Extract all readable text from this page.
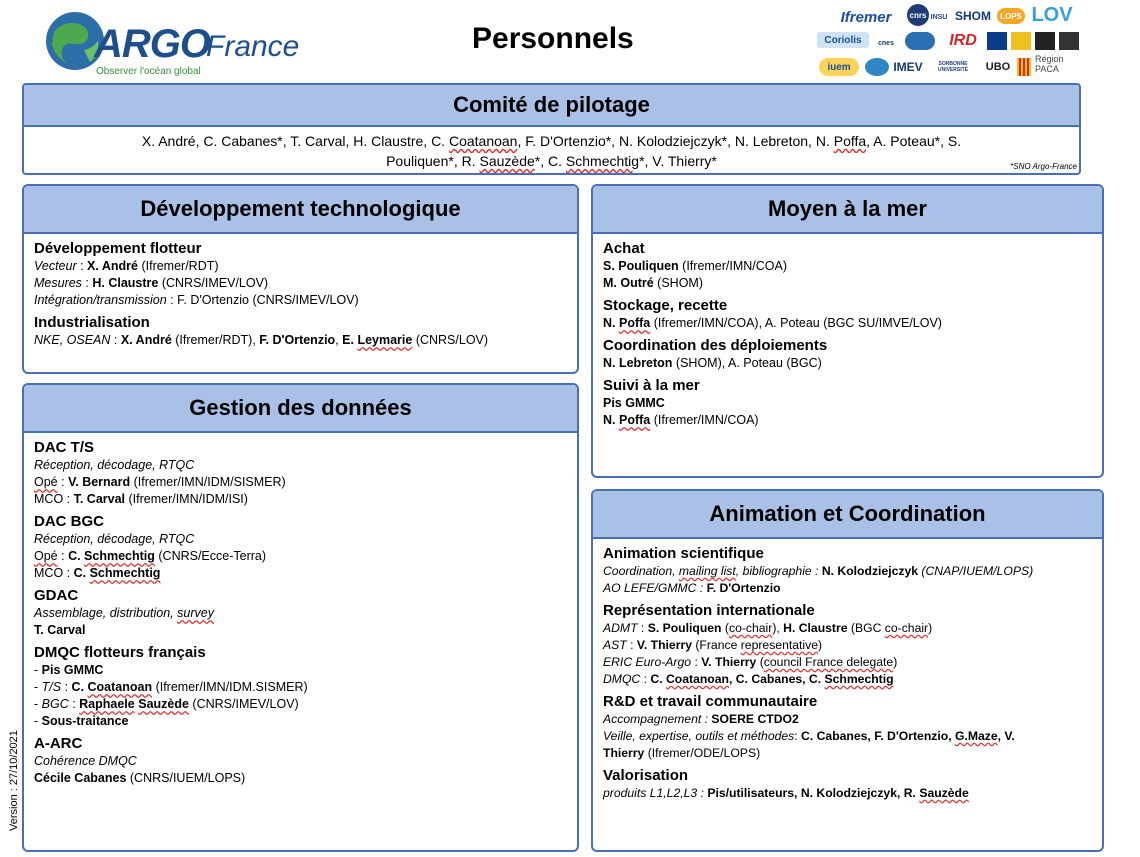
ARGO
France
Observer l'océan global
Personnels
Ifremer	cnrs INSU SHOM	LOPS LOV
Coriolis	cnes	IRD
iuem	IMEV	SORBONNE UNIVERSITÉ	UBO
Région
PACA
Comité de pilotage
X. André, C. Cabanes*, T. Carval, H. Claustre, C. Coatanoan, F. D'Ortenzio*, N. Kolodziejczyk*, N. Lebreton, N. Poffa, A. Poteau*, S.
Pouliquen*, R. Sauzède*, C. Schmechtig*, V. Thierry*	*SNO Argo-France
Développement technologique
Développement flotteur
Vecteur : X. André (Ifremer/RDT)
Mesures : H. Claustre (CNRS/IMEV/LOV)
Intégration/transmission : F. D'Ortenzio (CNRS/IMEV/LOV)
Industrialisation
NKE, OSEAN : X. André (Ifremer/RDT), F. D'Ortenzio, E. Leymarie (CNRS/LOV)
Gestion des données
DAC T/S
Réception, décodage, RTQC
Opé : V. Bernard (Ifremer/IMN/IDM/SISMER)
MCO : T. Carval (Ifremer/IMN/IDM/ISI)
DAC BGC
Réception, décodage, RTQC
Opé : C. Schmechtig (CNRS/Ecce-Terra)
MCO : C. Schmechtig
GDAC
Assemblage, distribution, survey
T. Carval
DMQC flotteurs français
- Pis GMMC
- T/S : C. Coatanoan (Ifremer/IMN/IDM.SISMER)
- BGC : Raphaele Sauzède (CNRS/IMEV/LOV)
- Sous-traitance
A-ARC
Cohérence DMQC
Cécile Cabanes (CNRS/IUEM/LOPS)
Moyen à la mer
Achat
S. Pouliquen (Ifremer/IMN/COA)
M. Outré (SHOM)
Stockage, recette
N. Poffa (Ifremer/IMN/COA), A. Poteau (BGC SU/IMVE/LOV)
Coordination des déploiements
N. Lebreton (SHOM), A. Poteau (BGC)
Suivi à la mer
Pis GMMC
N. Poffa (Ifremer/IMN/COA)
Animation et Coordination
Animation scientifique
Coordination, mailing list, bibliographie : N. Kolodziejczyk (CNAP/IUEM/LOPS)
AO LEFE/GMMC : F. D'Ortenzio
Représentation internationale
ADMT : S. Pouliquen (co-chair), H. Claustre (BGC co-chair)
AST : V. Thierry (France representative)
ERIC Euro-Argo : V. Thierry (council France delegate)
DMQC : C. Coatanoan, C. Cabanes, C. Schmechtig
R&D et travail communautaire
Accompagnement : SOERE CTDO2
Veille, expertise, outils et méthodes: C. Cabanes, F. D'Ortenzio, G.Maze, V.
Thierry (Ifremer/ODE/LOPS)
Valorisation
produits L1,L2,L3 : Pis/utilisateurs, N. Kolodziejczyk, R. Sauzède
Version : 27/10/2021
